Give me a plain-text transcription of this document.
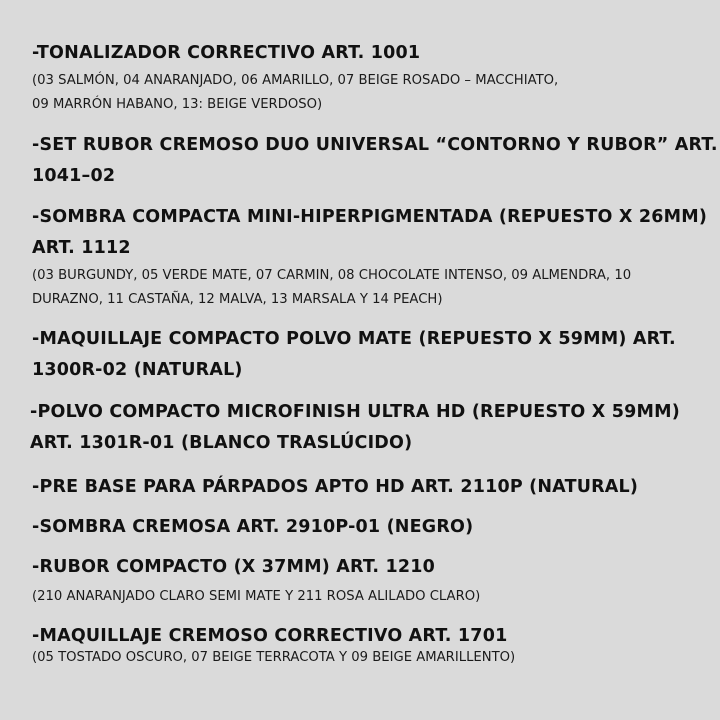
-TONALIZADOR CORRECTIVO ART. 1001
(03 SALMÓN, 04 ANARANJADO, 06 AMARILLO, 07 BEIGE ROSADO – MACCHIATO,
09 MARRÓN HABANO, 13: BEIGE VERDOSO)
-SET RUBOR CREMOSO DUO UNIVERSAL “CONTORNO Y RUBOR” ART.
1041–02
-SOMBRA COMPACTA MINI-HIPERPIGMENTADA (REPUESTO X 26MM)
ART. 1112
(03 BURGUNDY, 05 VERDE MATE, 07 CARMIN, 08 CHOCOLATE INTENSO, 09 ALMENDRA, 10
DURAZNO, 11 CASTAÑA, 12 MALVA, 13 MARSALA Y 14 PEACH)
-MAQUILLAJE COMPACTO POLVO MATE (REPUESTO X 59MM) ART.
1300R-02 (NATURAL)
-POLVO COMPACTO MICROFINISH ULTRA HD (REPUESTO X 59MM)
ART. 1301R-01 (BLANCO TRASLÚCIDO)
-PRE BASE PARA PÁRPADOS APTO HD ART. 2110P (NATURAL)
-SOMBRA CREMOSA ART. 2910P-01 (NEGRO)
-RUBOR COMPACTO (X 37MM) ART. 1210
(210 ANARANJADO CLARO SEMI MATE Y 211 ROSA ALILADO CLARO)
-MAQUILLAJE CREMOSO CORRECTIVO ART. 1701
(05 TOSTADO OSCURO, 07 BEIGE TERRACOTA Y 09 BEIGE AMARILLENTO)
